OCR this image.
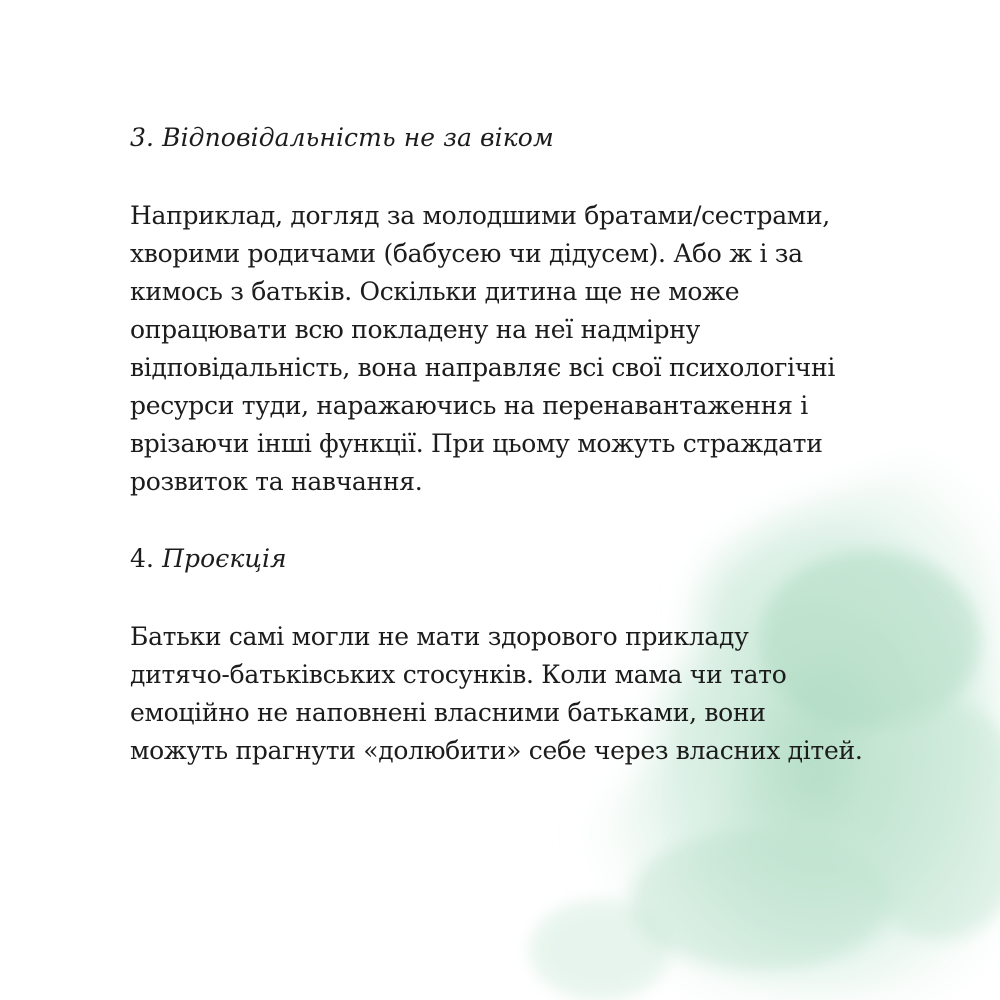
3. Відповідальність не за віком

Наприклад, догляд за молодшими братами/сестрами,
хворими родичами (бабусею чи дідусем). Або ж і за
кимось з батьків. Оскільки дитина ще не може
опрацювати всю покладену на неї надмірну
відповідальність, вона направляє всі свої психологічні
ресурси туди, наражаючись на перенавантаження і
врізаючи інші функції. При цьому можуть страждати
розвиток та навчання.

4. Проєкція

Батьки самі могли не мати здорового прикладу
дитячо-батьківських стосунків. Коли мама чи тато
емоційно не наповнені власними батьками, вони
можуть прагнути «долюбити» себе через власних дітей.
